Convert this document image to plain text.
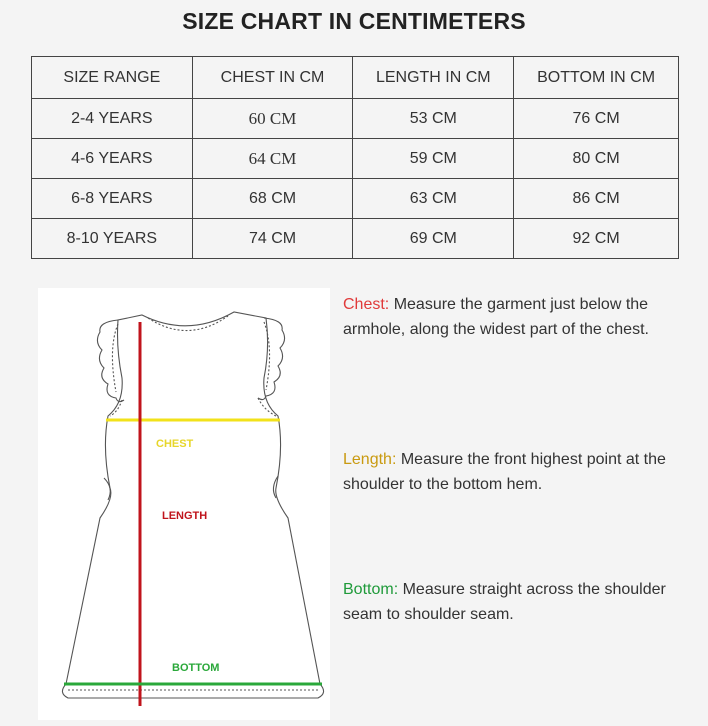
SIZE CHART IN CENTIMETERS
SIZE RANGE	CHEST IN CM	LENGTH IN CM	BOTTOM IN CM
2-4 YEARS	60 CM	53 CM	76 CM
4-6 YEARS	64 CM	59 CM	80 CM
6-8 YEARS	68 CM	63 CM	86 CM
8-10 YEARS	74 CM	69 CM	92 CM
CHEST
LENGTH
BOTTOM
Chest: Measure the garment just below the armhole, along the widest part of the chest.
Length: Measure the front highest point at the shoulder to the bottom hem.
Bottom: Measure straight across the shoulder seam to shoulder seam.
